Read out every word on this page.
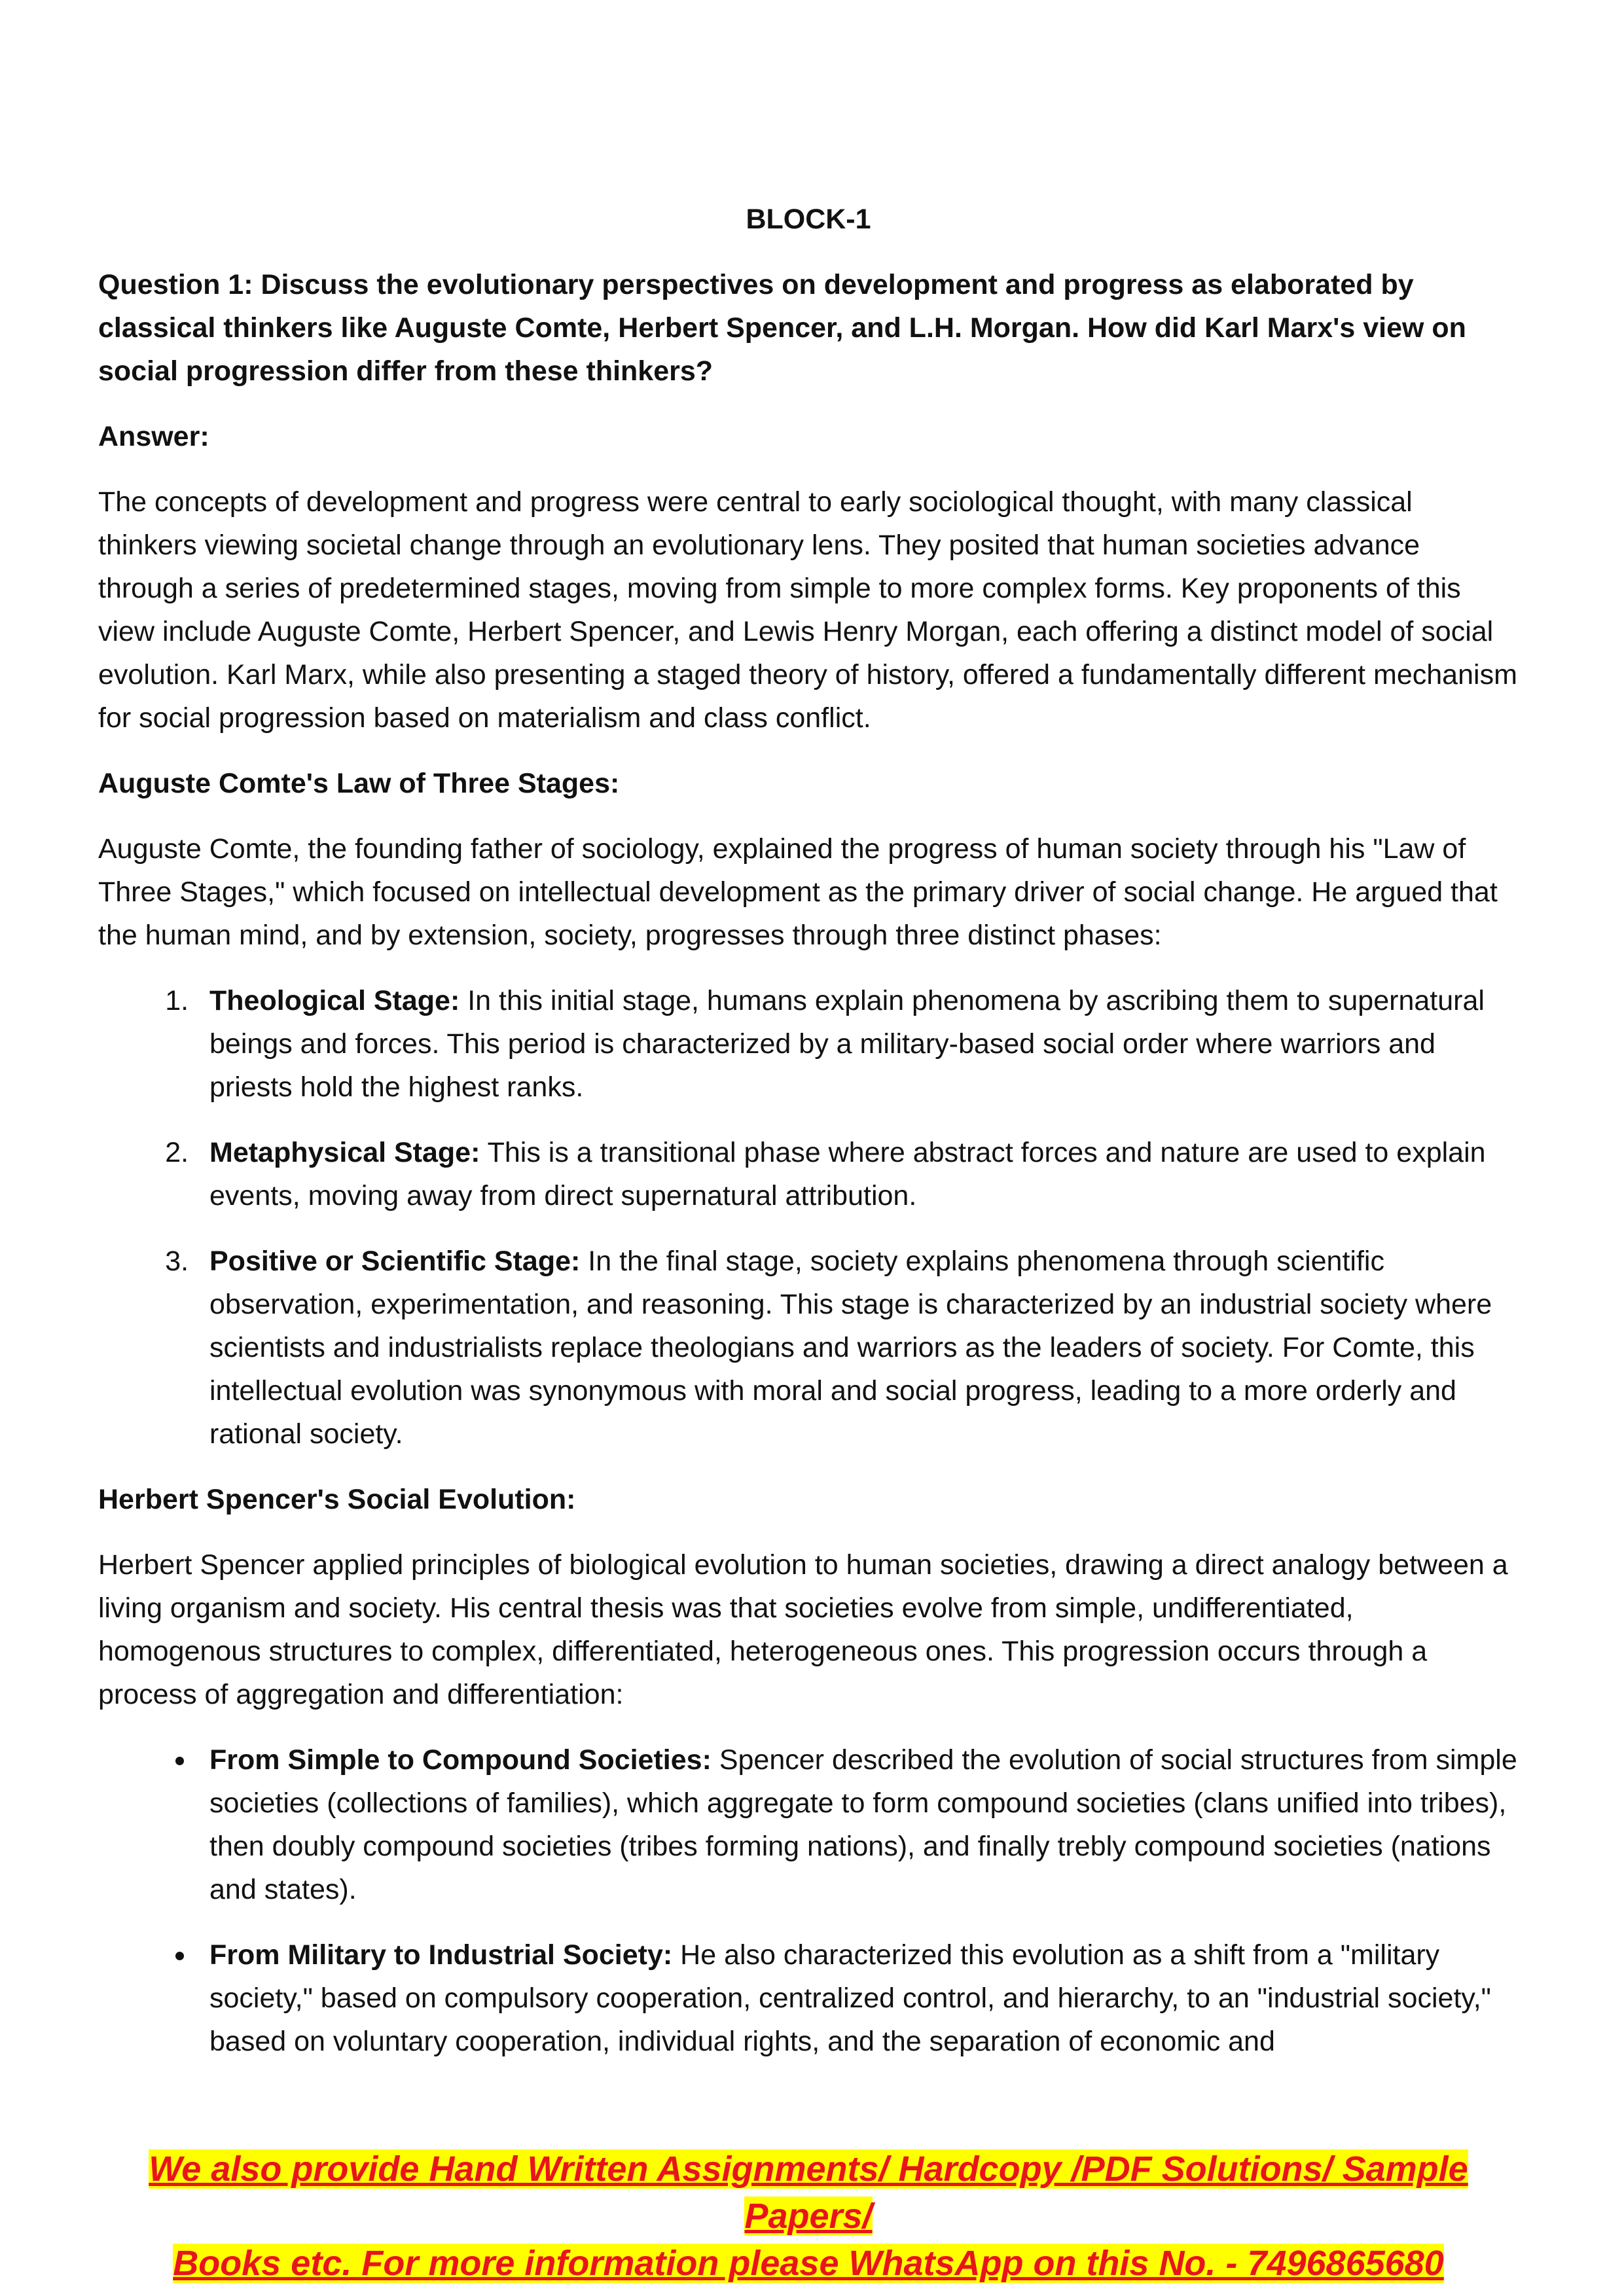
BLOCK-1
Question 1: Discuss the evolutionary perspectives on development and progress as elaborated by classical thinkers like Auguste Comte, Herbert Spencer, and L.H. Morgan. How did Karl Marx's view on social progression differ from these thinkers?
Answer:

The concepts of development and progress were central to early sociological thought, with many classical thinkers viewing societal change through an evolutionary lens. They posited that human societies advance through a series of predetermined stages, moving from simple to more complex forms. Key proponents of this view include Auguste Comte, Herbert Spencer, and Lewis Henry Morgan, each offering a distinct model of social evolution. Karl Marx, while also presenting a staged theory of history, offered a fundamentally different mechanism for social progression based on materialism and class conflict.

Auguste Comte's Law of Three Stages:

Auguste Comte, the founding father of sociology, explained the progress of human society through his "Law of Three Stages," which focused on intellectual development as the primary driver of social change. He argued that the human mind, and by extension, society, progresses through three distinct phases:

1. Theological Stage: In this initial stage, humans explain phenomena by ascribing them to supernatural beings and forces. This period is characterized by a military-based social order where warriors and priests hold the highest ranks.
2. Metaphysical Stage: This is a transitional phase where abstract forces and nature are used to explain events, moving away from direct supernatural attribution.
3. Positive or Scientific Stage: In the final stage, society explains phenomena through scientific observation, experimentation, and reasoning. This stage is characterized by an industrial society where scientists and industrialists replace theologians and warriors as the leaders of society. For Comte, this intellectual evolution was synonymous with moral and social progress, leading to a more orderly and rational society.
Herbert Spencer's Social Evolution:

Herbert Spencer applied principles of biological evolution to human societies, drawing a direct analogy between a living organism and society. His central thesis was that societies evolve from simple, undifferentiated, homogenous structures to complex, differentiated, heterogeneous ones. This progression occurs through a process of aggregation and differentiation:

• From Simple to Compound Societies: Spencer described the evolution of social structures from simple societies (collections of families), which aggregate to form compound societies (clans unified into tribes), then doubly compound societies (tribes forming nations), and finally trebly compound societies (nations and states).
• From Military to Industrial Society: He also characterized this evolution as a shift from a "military society," based on compulsory cooperation, centralized control, and hierarchy, to an "industrial society," based on voluntary cooperation, individual rights, and the separation of economic and
We also provide Hand Written Assignments/ Hardcopy /PDF Solutions/ Sample Papers/
Books etc. For more information please WhatsApp on this No. - 7496865680
